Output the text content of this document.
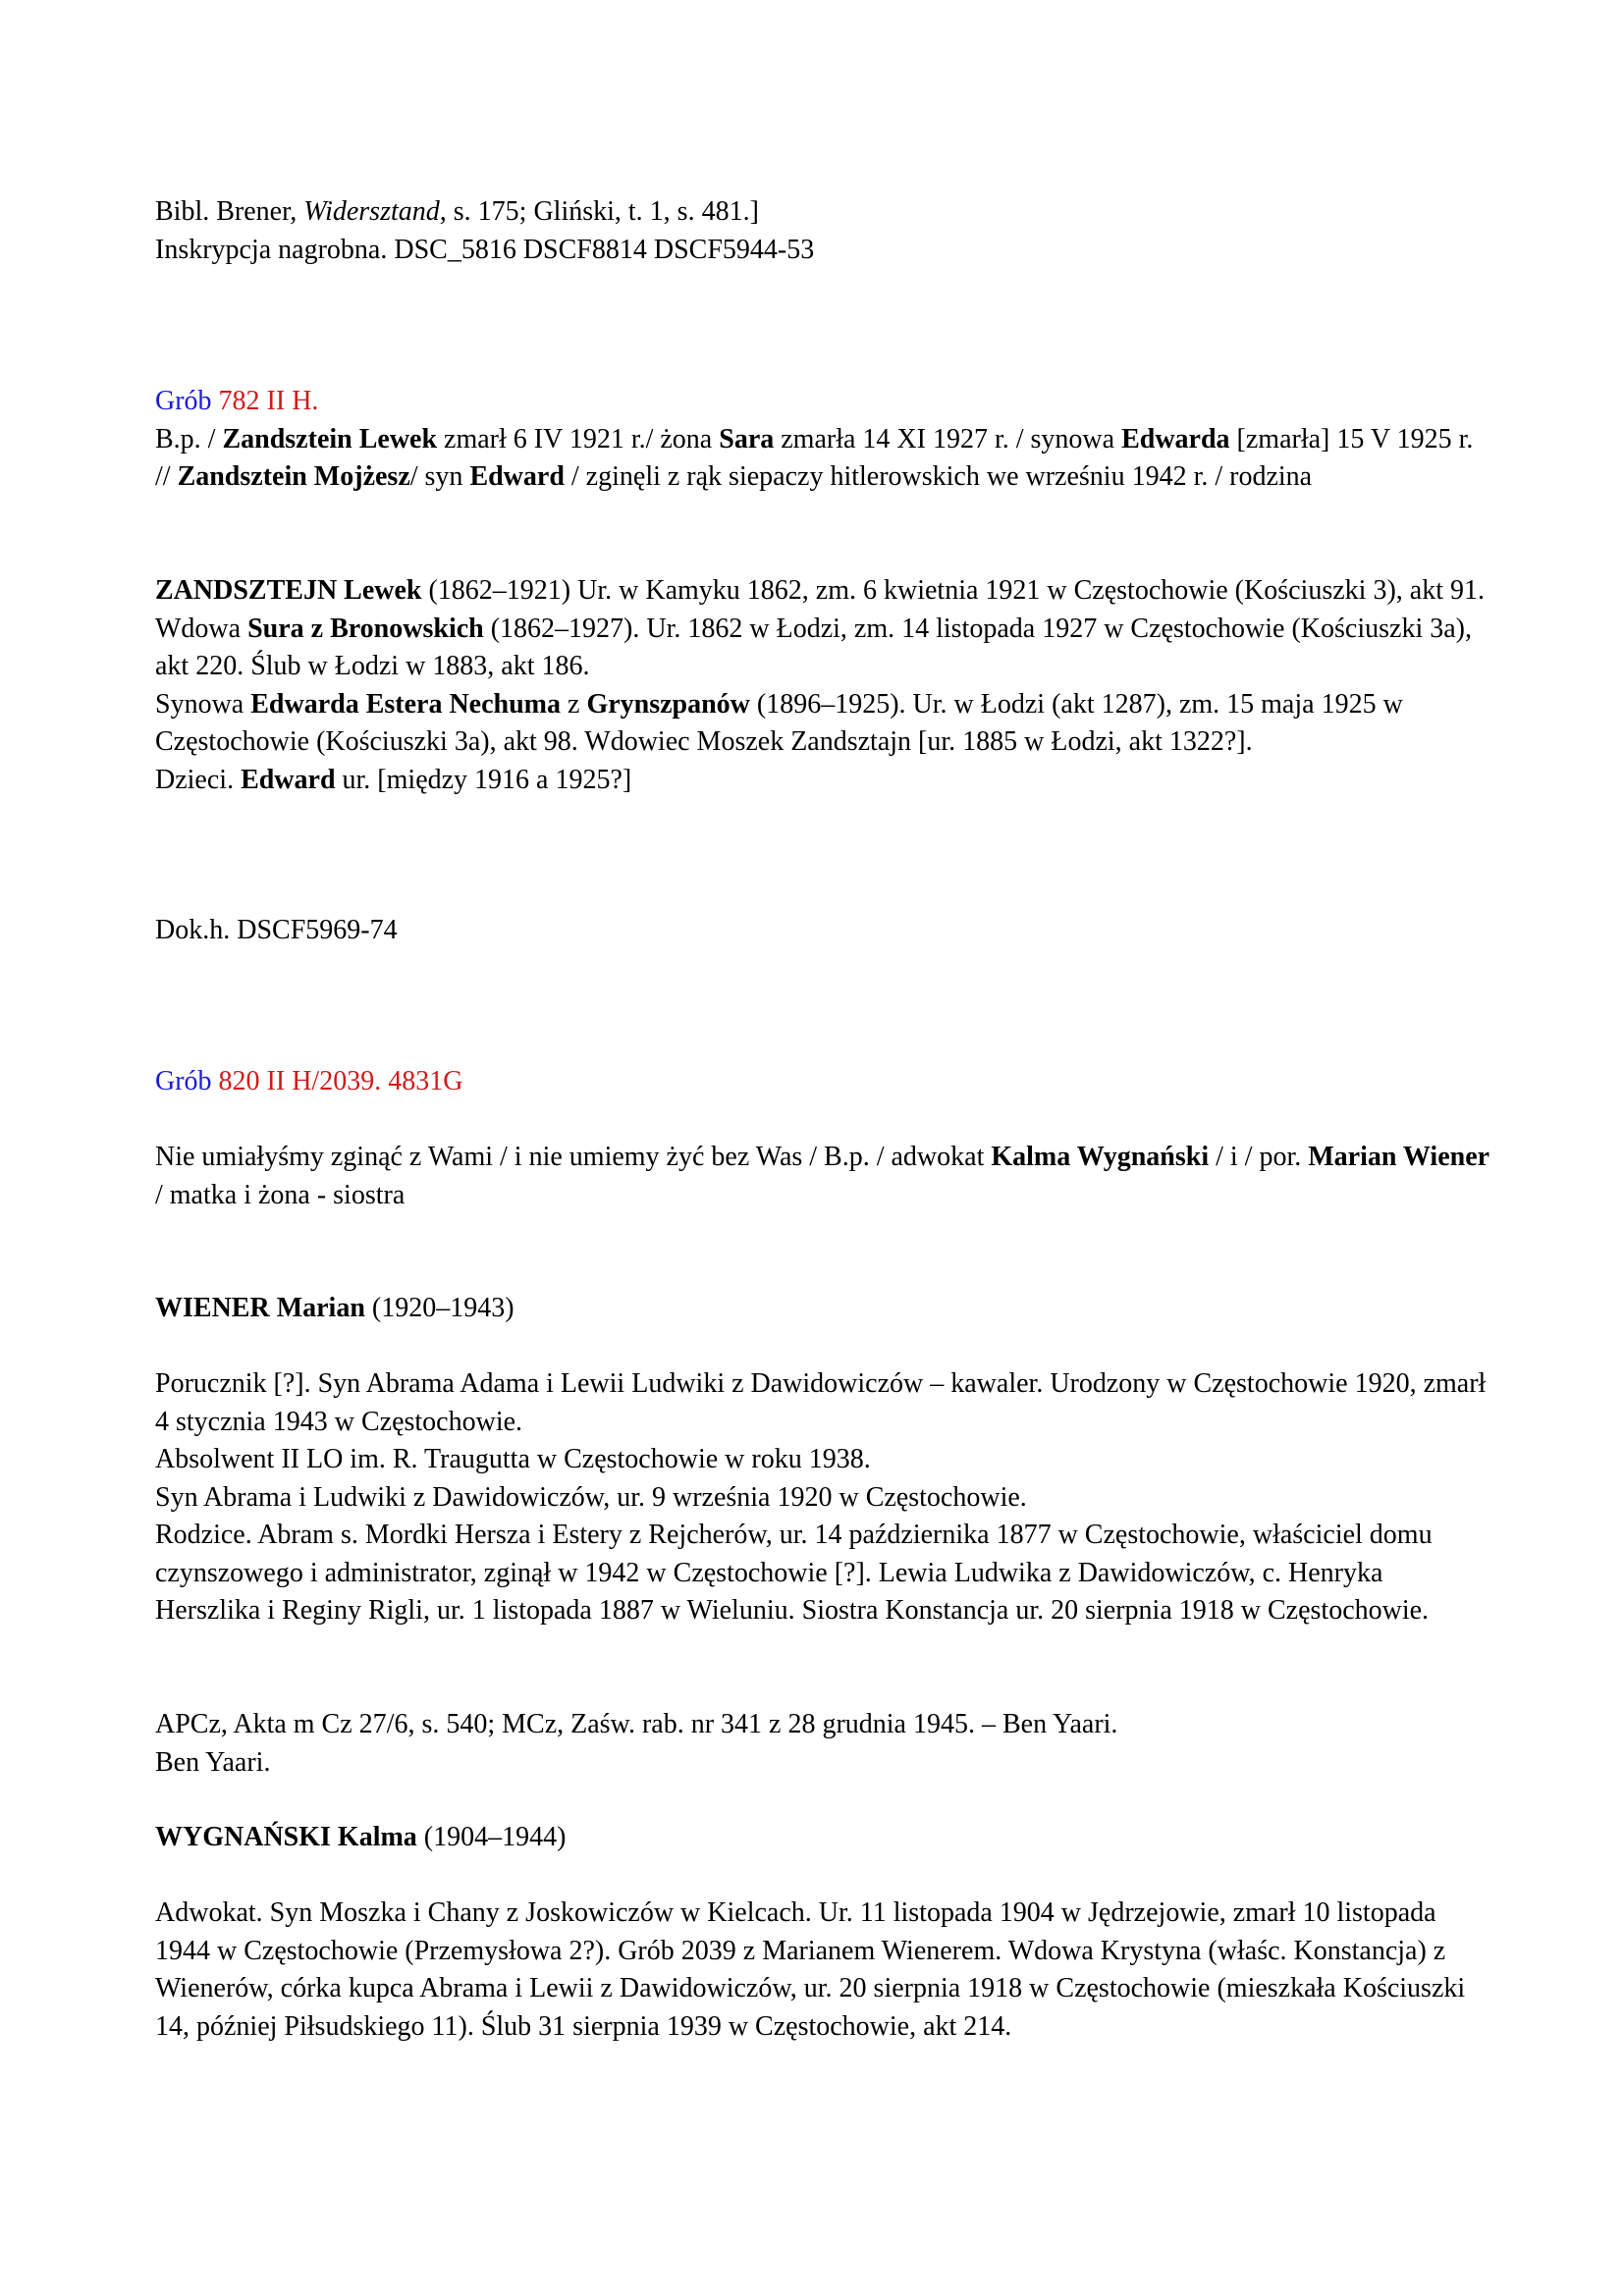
Bibl. Brener, Widersztand, s. 175; Gliński, t. 1, s. 481.]

Inskrypcja nagrobna. DSC_5816 DSCF8814 DSCF5944-53

Grób 782 II H.

B.p. / Zandsztein Lewek zmarł 6 IV 1921 r./ żona Sara zmarła 14 XI 1927 r. / synowa Edwarda [zmarła] 15 V 1925 r. // Zandsztein Mojżesz/ syn Edward / zginęli z rąk siepaczy hitlerowskich we wrześniu 1942 r. / rodzina

ZANDSZTEJN Lewek (1862–1921) Ur. w Kamyku 1862, zm. 6 kwietnia 1921 w Częstochowie (Kościuszki 3), akt 91.

Wdowa Sura z Bronowskich (1862–1927). Ur. 1862 w Łodzi, zm. 14 listopada 1927 w Częstochowie (Kościuszki 3a), akt 220. Ślub w Łodzi w 1883, akt 186.

Synowa Edwarda Estera Nechuma z Grynszpanów (1896–1925). Ur. w Łodzi (akt 1287), zm. 15 maja 1925 w Częstochowie (Kościuszki 3a), akt 98. Wdowiec Moszek Zandsztajn [ur. 1885 w Łodzi, akt 1322?].

Dzieci. Edward ur. [między 1916 a 1925?]

Dok.h. DSCF5969-74

Grób 820 II H/2039. 4831G

Nie umiałyśmy zginąć z Wami / i nie umiemy żyć bez Was / B.p. / adwokat Kalma Wygnański / i / por. Marian Wiener / matka i żona - siostra

WIENER Marian (1920–1943)

Porucznik [?]. Syn Abrama Adama i Lewii Ludwiki z Dawidowiczów – kawaler. Urodzony w Częstochowie 1920, zmarł 4 stycznia 1943 w Częstochowie.

Absolwent II LO im. R. Traugutta w Częstochowie w roku 1938.

Syn Abrama i Ludwiki z Dawidowiczów, ur. 9 września 1920 w Częstochowie.

Rodzice. Abram s. Mordki Hersza i Estery z Rejcherów, ur. 14 października 1877 w Częstochowie, właściciel domu czynszowego i administrator, zginął w 1942 w Częstochowie [?]. Lewia Ludwika z Dawidowiczów, c. Henryka Herszlika i Reginy Rigli, ur. 1 listopada 1887 w Wieluniu. Siostra Konstancja ur. 20 sierpnia 1918 w Częstochowie.

APCz, Akta m Cz 27/6, s. 540; MCz, Zaśw. rab. nr 341 z 28 grudnia 1945. – Ben Yaari.

Ben Yaari.

WYGNAŃSKI Kalma (1904–1944)

Adwokat. Syn Moszka i Chany z Joskowiczów w Kielcach. Ur. 11 listopada 1904 w Jędrzejowie, zmarł 10 listopada 1944 w Częstochowie (Przemysłowa 2?). Grób 2039 z Marianem Wienerem. Wdowa Krystyna (właśc. Konstancja) z Wienerów, córka kupca Abrama i Lewii z Dawidowiczów, ur. 20 sierpnia 1918 w Częstochowie (mieszkała Kościuszki 14, później Piłsudskiego 11). Ślub 31 sierpnia 1939 w Częstochowie, akt 214.
